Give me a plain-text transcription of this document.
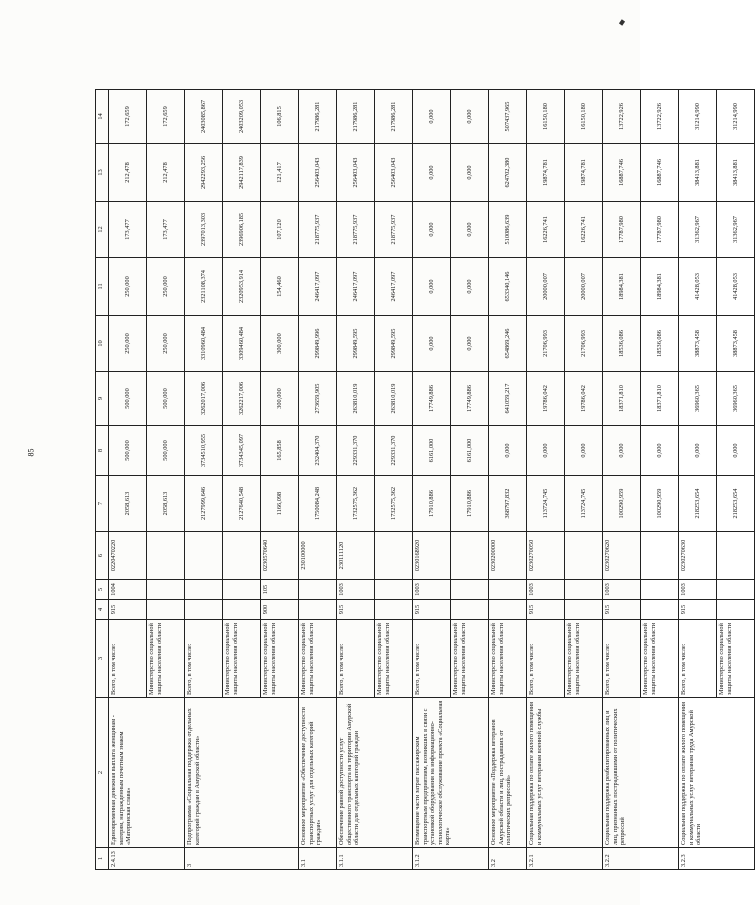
85
1	2	3	4	5	6	7	8	9	10	11	12	13	14
2.4.13	Единовременная денежная выплата женщинам - матерям, награжденным почетным знаком «Материнская слава»	Всего, в том числе:	915	1004	0220470220	2058,613	500,000	500,000	250,000	250,000	173,477	212,478	172,659
		Министерство социальной защиты населения области				2058,613	500,000	500,000	250,000	250,000	173,477	212,478	172,659
3	Подпрограмма «Социальная поддержка отдельных категорий граждан в Амурской области»	Всего, в том числе:				2127999,646	3734510,955	3262017,006	3310960,484	2321108,374	2397013,303	2942293,256	2403085,867
		Министерство социальной защиты населения области				2127640,548	3734345,097	3262217,006	3309460,484	2320953,914	2396906,185	2942117,839	2403209,053
		Министерство социальной защиты населения области	900	105	0230570640	1166,098	165,858	300,000	300,000	154,460	107,120	121,417	106,815
3.1	Основное мероприятие «Обеспечение доступности транспортных услуг для отдельных категорий граждан»	Министерство социальной защиты населения области			230100000	1750084,248	232404,370	273659,905	299849,996	246417,097	218775,937	256403,043	217986,281
3.1.1	Обеспечение равной доступности услуг общественного транспорта на территории Амурской области для отдельных категорий граждан	Всего, в том числе:	915	1003	230111120	1732575,362	229331,370	263810,019	299849,595	246417,097	218775,937	256403,043	217986,281
		Министерство социальной защиты населения области				1732575,362	229331,370	263810,019	299849,595	246417,097	218775,937	256403,043	217986,281
3.1.2	Возмещение части затрат пассажирским транспортным предприятиям, возникших в связи с установкой оборудования на информационно-технологическое обслуживание проекта «Социальная карта»	Всего, в том числе:	915	1003	0230168920	17910,886	6161,000	17749,886	0,000	0,000	0,000	0,000	0,000
		Министерство социальной защиты населения области				17910,886	6161,000	17749,886	0,000	0,000	0,000	0,000	0,000
3.2	Основное мероприятие «Поддержка ветеранов Амурской области и лиц, пострадавших от политических репрессий»	Министерство социальной защиты населения области			0230200000	368797,832	0,000	641059,217	654869,246	653340,146	510086,639	624702,380	507437,965
3.2.1	Социальная поддержка по оплате жилого помещения и коммунальных услуг ветеранам военной службы	Всего, в том числе:	915	1003	0230270050	113724,745	0,000	19786,042	21706,993	20000,007	16226,741	19874,781	16150,180
		Министерство социальной защиты населения области				113724,745	0,000	19786,042	21706,993	20000,007	16226,741	19874,781	16150,180
3.2.2	Социальная поддержка реабилитированных лиц и лиц, признанных пострадавшими от политических репрессий	Всего, в том числе:	915	1003	0230270620	100290,959	0,000	18371,810	18536,086	18984,381	17787,980	16887,746	13722,926
		Министерство социальной защиты населения области				100290,959	0,000	18371,810	18536,086	18984,381	17787,980	16887,746	13722,926
3.2.3	Социальная поддержка по оплате жилого помещения и коммунальных услуг ветеранам труда Амурской области	Всего, в том числе:	915	1003	0230270630	218253,654	0,000	36960,365	38873,458	41428,053	31362,967	38413,881	31214,990
		Министерство социальной защиты населения области				218253,654	0,000	36960,365	38873,458	41428,053	31362,967	38413,881	31214,990
